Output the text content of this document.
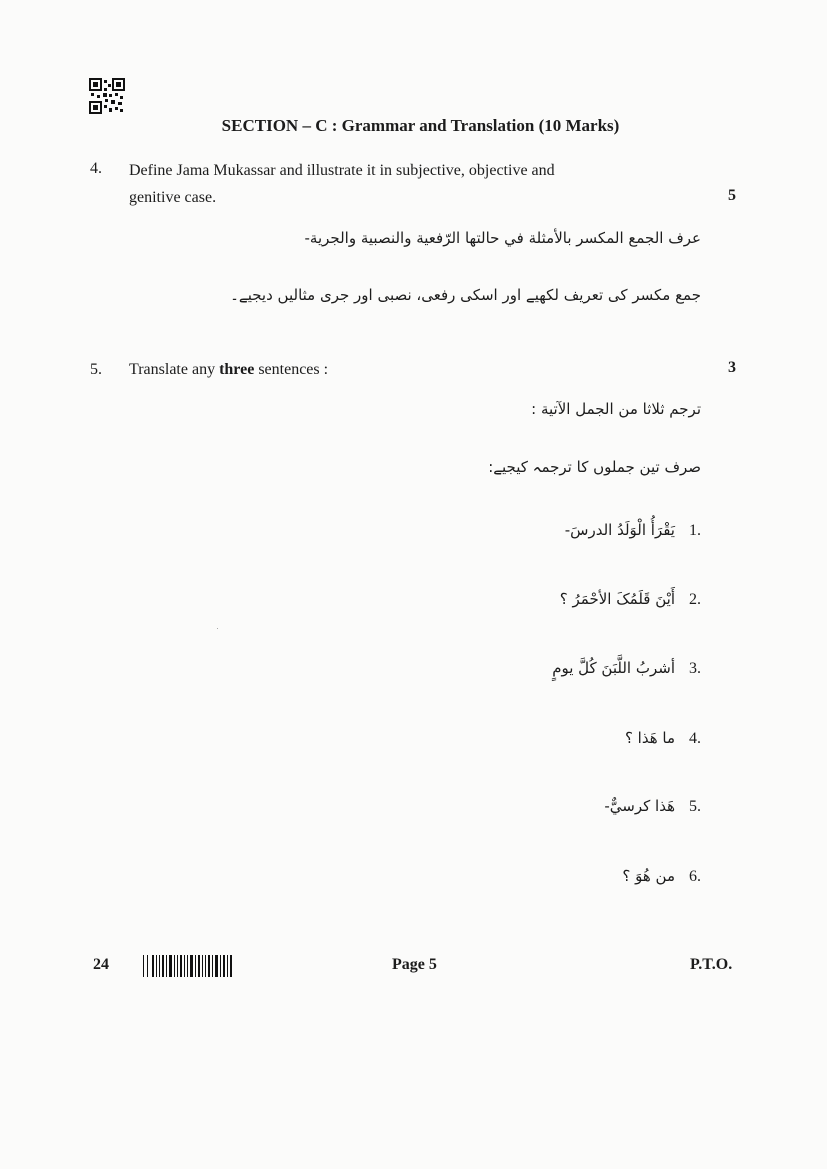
SECTION – C : Grammar and Translation (10 Marks)
4. Define Jama Mukassar and illustrate it in subjective, objective and
genitive case.	5
عرف الجمع المكسر بالأمثلة في حالتها الرّفعية والنصبية والجرية-
جمع مکسر کی تعریف لکھیے اور اسکی رفعی، نصبی اور جری مثالیں دیجیے۔
5. Translate any three sentences :	3
ترجم ثلاثا من الجمل الآتية :
صرف تین جملوں کا ترجمہ کیجیے:
.1يَقْرَأُ الْوَلَدُ الدرسَ-
.2أَيْنَ قَلَمُکَ الأحْمَرُ ؟
.3أشربُ اللَّبَنَ كُلَّ يومٍ
.4ما هَذا ؟
.5هَذا كرسيٌّ-
.6من هُوَ ؟
24	Page 5	P.T.O.
